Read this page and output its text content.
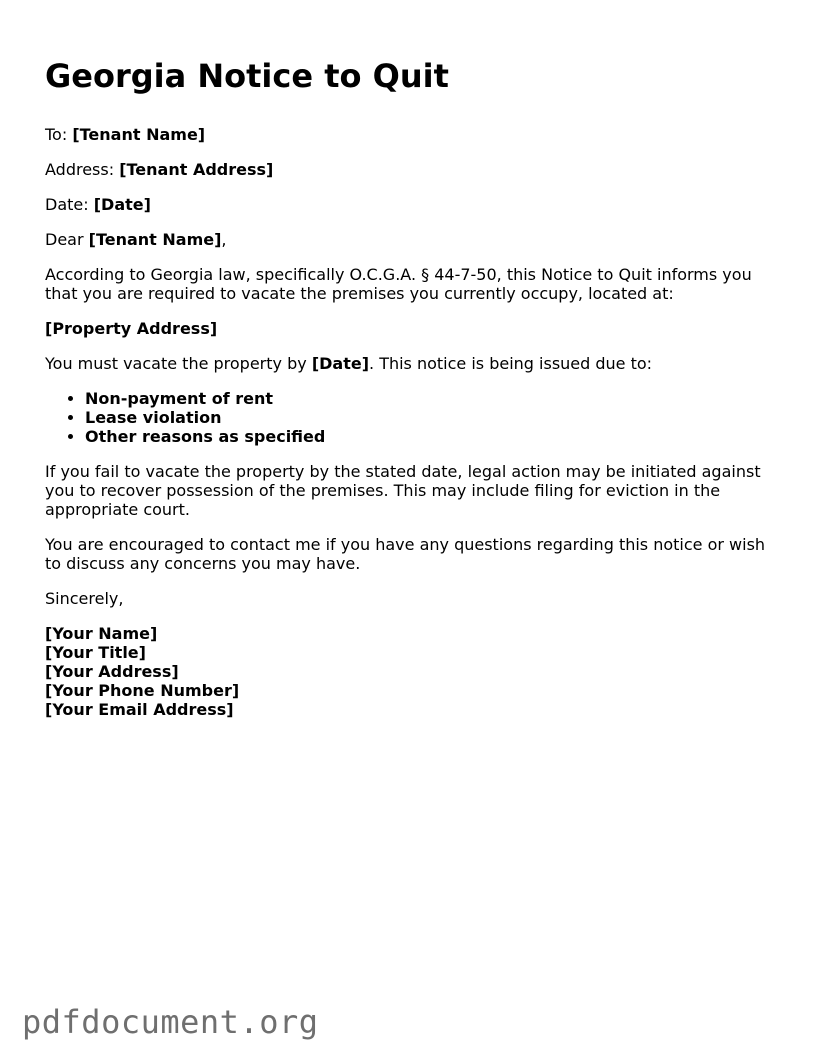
Georgia Notice to Quit

To: [Tenant Name]

Address: [Tenant Address]

Date: [Date]

Dear [Tenant Name],

According to Georgia law, specifically O.C.G.A. § 44-7-50, this Notice to Quit informs you that you are required to vacate the premises you currently occupy, located at:

[Property Address]

You must vacate the property by [Date]. This notice is being issued due to:

• Non-payment of rent
• Lease violation
• Other reasons as specified

If you fail to vacate the property by the stated date, legal action may be initiated against you to recover possession of the premises. This may include filing for eviction in the appropriate court.

You are encouraged to contact me if you have any questions regarding this notice or wish to discuss any concerns you may have.

Sincerely,

[Your Name]
[Your Title]
[Your Address]
[Your Phone Number]
[Your Email Address]
pdfdocument.org
